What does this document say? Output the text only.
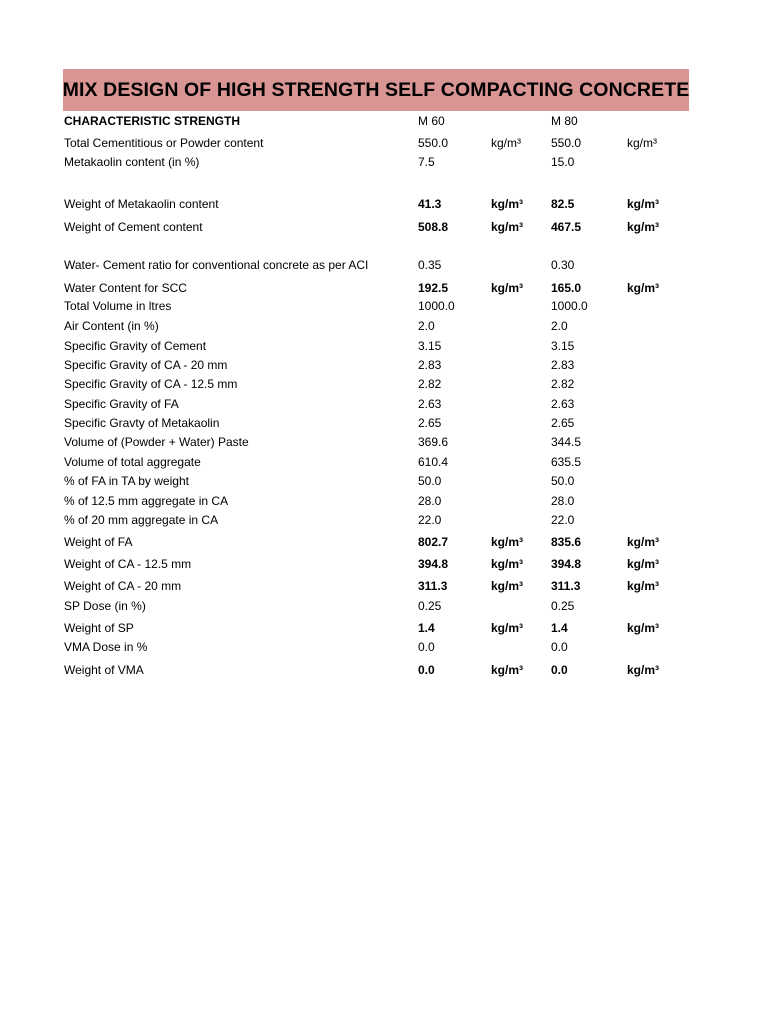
MIX DESIGN OF HIGH STRENGTH SELF COMPACTING CONCRETE
CHARACTERISTIC STRENGTH	M 60	M 80
Total Cementitious or Powder content	550.0	kg/m³	550.0	kg/m³
Metakaolin content (in %)	7.5	15.0
Weight of Metakaolin content	41.3	kg/m³ 82.5	kg/m³
Weight of Cement content	508.8	kg/m³ 467.5	kg/m³
Water- Cement ratio for conventional concrete as per ACI	0.35	0.30
Water Content for SCC	192.5	kg/m³ 165.0	kg/m³
Total Volume in ltres	1000.0	1000.0
Air Content (in %)	2.0	2.0
Specific Gravity of Cement	3.15	3.15
Specific Gravity of CA - 20 mm	2.83	2.83
Specific Gravity of CA - 12.5 mm	2.82	2.82
Specific Gravity of FA	2.63	2.63
Specific Gravty of Metakaolin	2.65	2.65
Volume of (Powder + Water) Paste	369.6	344.5
Volume of total aggregate	610.4	635.5
% of FA in TA by weight	50.0	50.0
% of 12.5 mm aggregate in CA	28.0	28.0
% of 20 mm aggregate in CA	22.0	22.0
Weight of FA	802.7	kg/m³ 835.6	kg/m³
Weight of CA - 12.5 mm	394.8	kg/m³ 394.8	kg/m³
Weight of CA - 20 mm	311.3	kg/m³ 311.3	kg/m³
SP Dose (in %)	0.25	0.25
Weight of SP	1.4	kg/m³ 1.4	kg/m³
VMA Dose in %	0.0	0.0
Weight of VMA	0.0	kg/m³ 0.0	kg/m³
